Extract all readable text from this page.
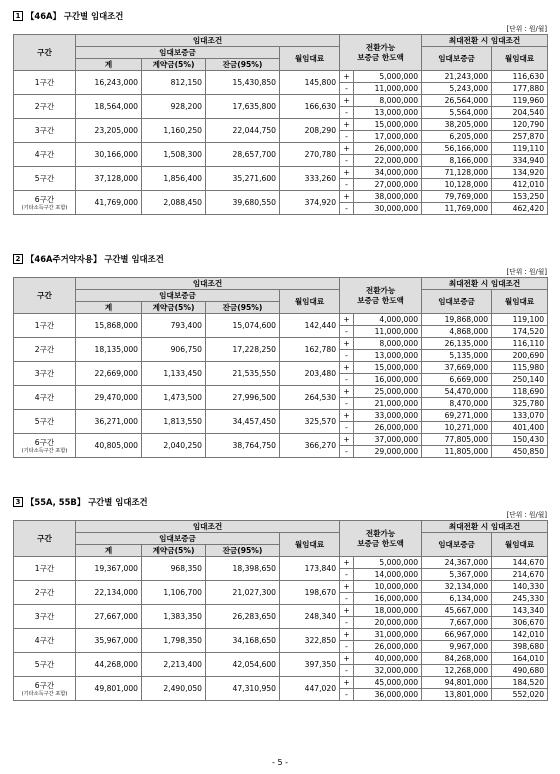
1 【46A】 구간별 임대조건
[단위 : 원/월]
구간	임대조건				전환가능
보증금 한도액		최대전환 시 임대조건	
	임대보증금			월임대료			임대보증금	월임대료
	계	계약금(5%)	잔금(95%)					
1구간	16,243,000	812,150	15,430,850	145,800	+	5,000,000	21,243,000	116,630
					-	11,000,000	5,243,000	177,880
2구간	18,564,000	928,200	17,635,800	166,630	+	8,000,000	26,564,000	119,960
					-	13,000,000	5,564,000	204,540
3구간	23,205,000	1,160,250	22,044,750	208,290	+	15,000,000	38,205,000	120,790
					-	17,000,000	6,205,000	257,870
4구간	30,166,000	1,508,300	28,657,700	270,780	+	26,000,000	56,166,000	119,110
					-	22,000,000	8,166,000	334,940
5구간	37,128,000	1,856,400	35,271,600	333,260	+	34,000,000	71,128,000	134,920
					-	27,000,000	10,128,000	412,010
6구간
(기타소득구간 포함)	41,769,000	2,088,450	39,680,550	374,920	+	38,000,000	79,769,000	153,250
					-	30,000,000	11,769,000	462,420
2 【46A주거약자용】 구간별 임대조건
[단위 : 원/월]
구간	임대조건				전환가능
보증금 한도액		최대전환 시 임대조건	
	임대보증금			월임대료			임대보증금	월임대료
	계	계약금(5%)	잔금(95%)					
1구간	15,868,000	793,400	15,074,600	142,440	+	4,000,000	19,868,000	119,100
					-	11,000,000	4,868,000	174,520
2구간	18,135,000	906,750	17,228,250	162,780	+	8,000,000	26,135,000	116,110
					-	13,000,000	5,135,000	200,690
3구간	22,669,000	1,133,450	21,535,550	203,480	+	15,000,000	37,669,000	115,980
					-	16,000,000	6,669,000	250,140
4구간	29,470,000	1,473,500	27,996,500	264,530	+	25,000,000	54,470,000	118,690
					-	21,000,000	8,470,000	325,780
5구간	36,271,000	1,813,550	34,457,450	325,570	+	33,000,000	69,271,000	133,070
					-	26,000,000	10,271,000	401,400
6구간
(기타소득구간 포함)	40,805,000	2,040,250	38,764,750	366,270	+	37,000,000	77,805,000	150,430
					-	29,000,000	11,805,000	450,850
3 【55A, 55B】 구간별 임대조건
[단위 : 원/월]
구간	임대조건				전환가능
보증금 한도액		최대전환 시 임대조건	
	임대보증금			월임대료			임대보증금	월임대료
	계	계약금(5%)	잔금(95%)					
1구간	19,367,000	968,350	18,398,650	173,840	+	5,000,000	24,367,000	144,670
					-	14,000,000	5,367,000	214,670
2구간	22,134,000	1,106,700	21,027,300	198,670	+	10,000,000	32,134,000	140,330
					-	16,000,000	6,134,000	245,330
3구간	27,667,000	1,383,350	26,283,650	248,340	+	18,000,000	45,667,000	143,340
					-	20,000,000	7,667,000	306,670
4구간	35,967,000	1,798,350	34,168,650	322,850	+	31,000,000	66,967,000	142,010
					-	26,000,000	9,967,000	398,680
5구간	44,268,000	2,213,400	42,054,600	397,350	+	40,000,000	84,268,000	164,010
					-	32,000,000	12,268,000	490,680
6구간
(기타소득구간 포함)	49,801,000	2,490,050	47,310,950	447,020	+	45,000,000	94,801,000	184,520
					-	36,000,000	13,801,000	552,020
- 5 -
